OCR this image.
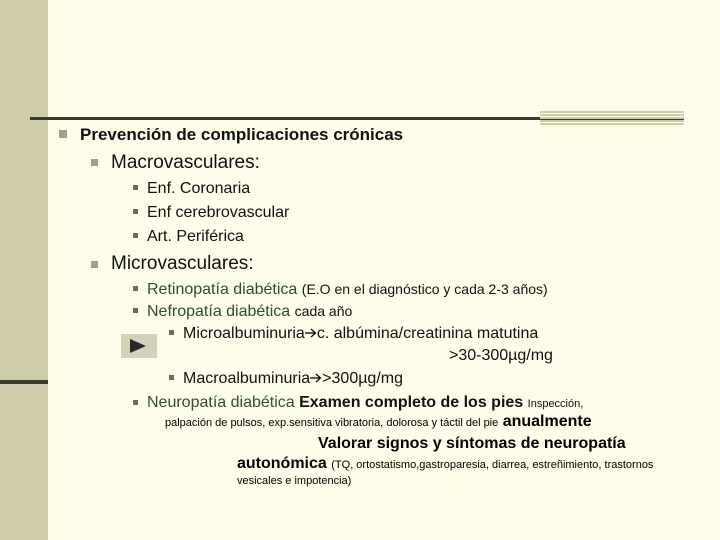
Prevención de complicaciones crónicas
Macrovasculares:
Enf. Coronaria
Enf cerebrovascular
Art. Periférica
Microvasculares:
Retinopatía diabética (E.O en el diagnóstico y cada 2-3 años)
Nefropatía diabética cada año
Microalbuminuria c. albúmina/creatinina matutina
>30-300µg/mg
Macroalbuminuria >300µg/mg
Neuropatía diabética Examen completo de los pies Inspección,
palpación de pulsos, exp.sensitiva vibratoria, dolorosa y táctil del pie anualmente
Valorar signos y síntomas de neuropatía
autonómica (TQ, ortostatismo,gastroparesia, diarrea, estreñimiento, trastornos
vesicales e impotencia)
